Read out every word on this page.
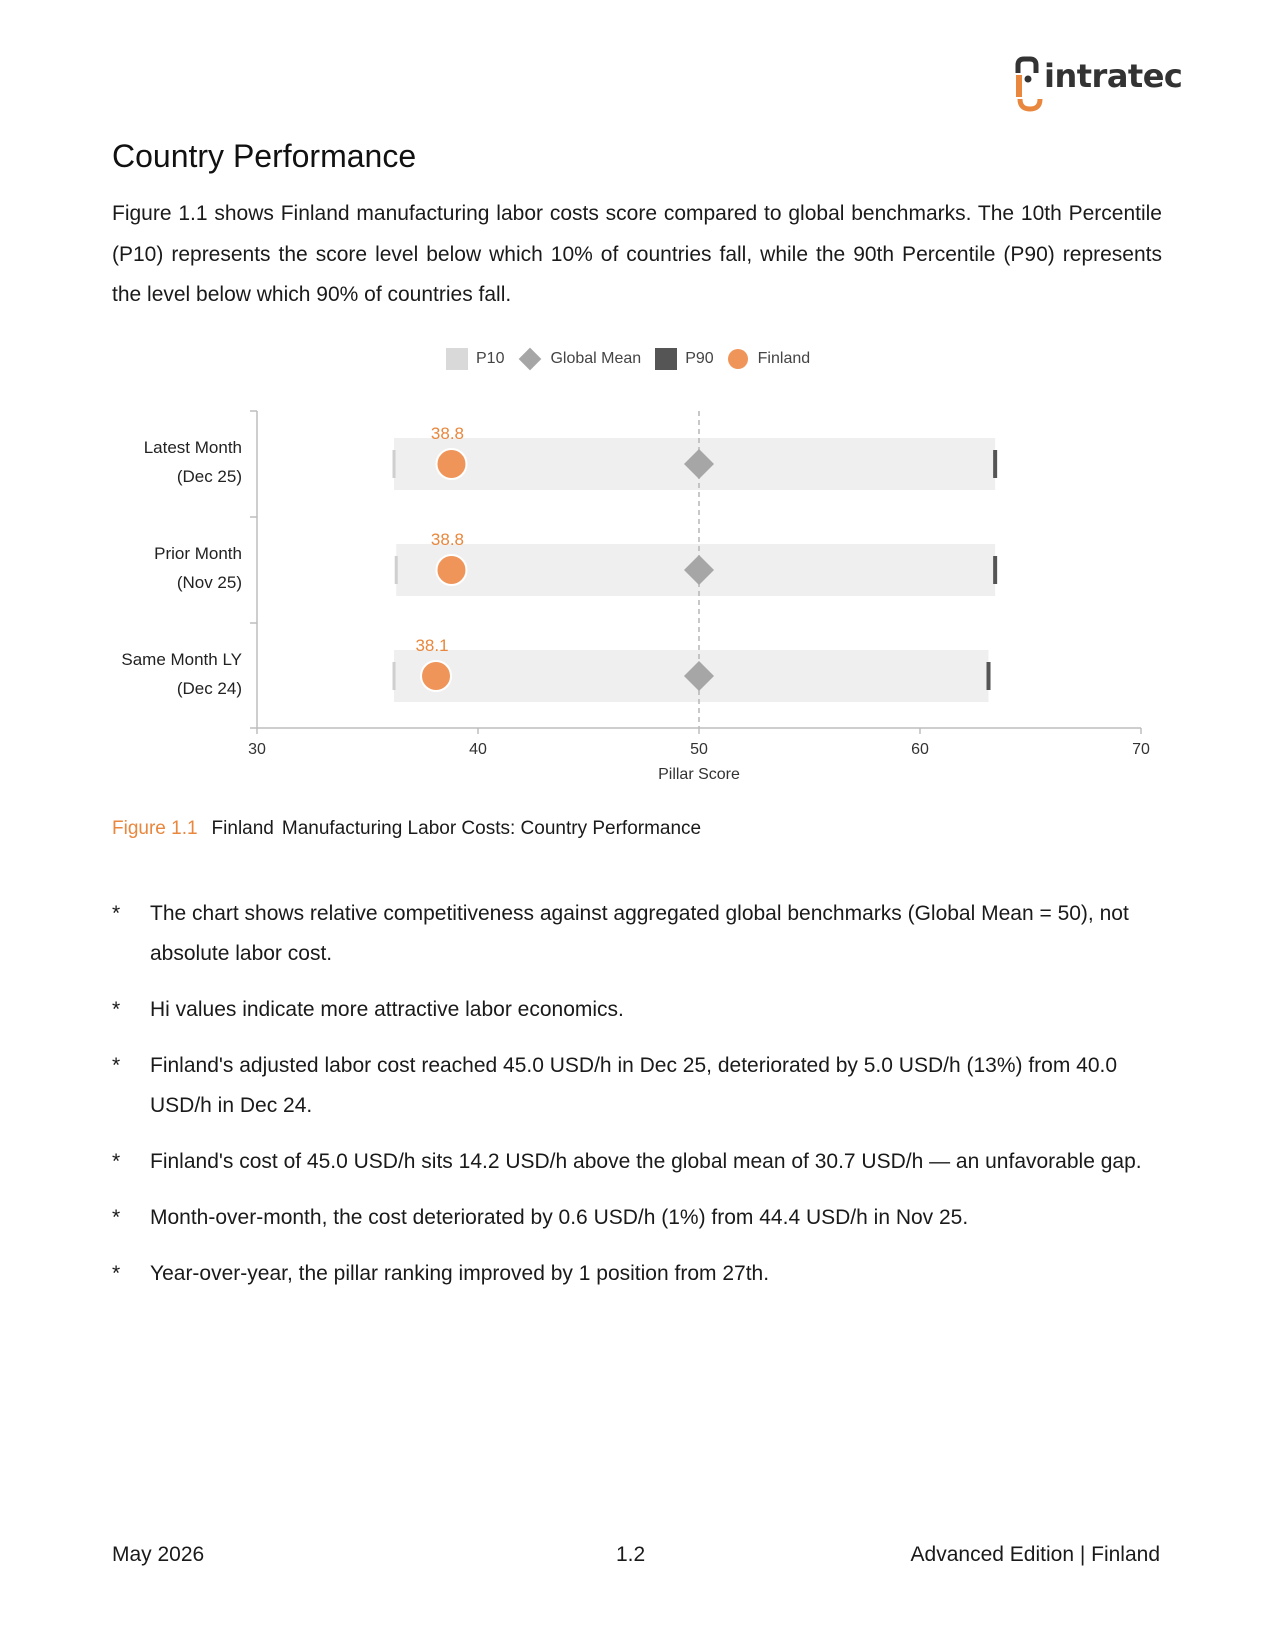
intratec
Country Performance

Figure 1.1 shows Finland manufacturing labor costs score compared to global benchmarks. The 10th Percentile (P10) represents the score level below which 10% of countries fall, while the 90th Percentile (P90) represents the level below which 90% of countries fall.

P10	Global Mean	P90	Finland
30	40	50	60	70
Pillar Score
Latest Month
(Dec 25)
38.8
Prior Month
(Nov 25)
38.8
Same Month LY
(Dec 24)
38.1
Figure 1.1 Finland Manufacturing Labor Costs: Country Performance
* The chart shows relative competitiveness against aggregated global benchmarks (Global Mean = 50), not absolute labor cost.
* Hi values indicate more attractive labor economics.
* Finland's adjusted labor cost reached 45.0 USD/h in Dec 25, deteriorated by 5.0 USD/h (13%) from 40.0 USD/h in Dec 24.
* Finland's cost of 45.0 USD/h sits 14.2 USD/h above the global mean of 30.7 USD/h — an unfavorable gap.
* Month-over-month, the cost deteriorated by 0.6 USD/h (1%) from 44.4 USD/h in Nov 25.
* Year-over-year, the pillar ranking improved by 1 position from 27th.
May 2026	1.2	Advanced Edition | Finland
